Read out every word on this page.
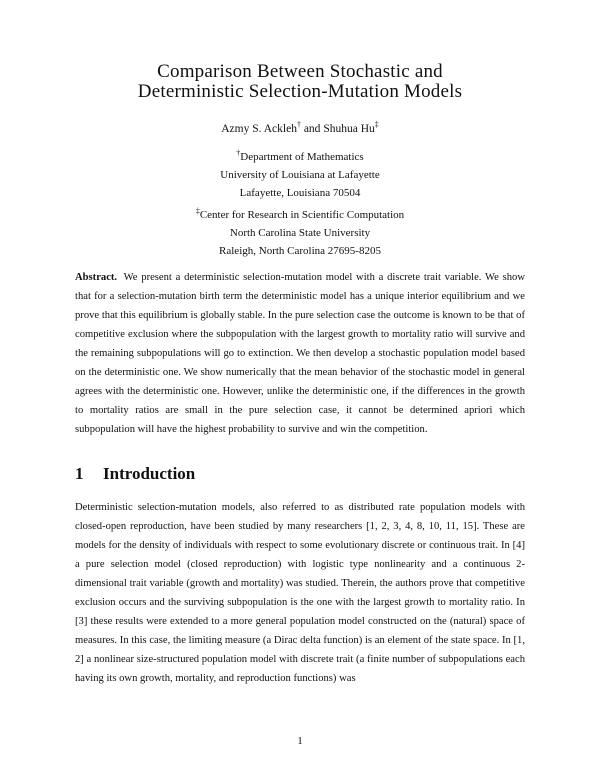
Comparison Between Stochastic and
Deterministic Selection-Mutation Models
Azmy S. Ackleh† and Shuhua Hu‡
†Department of Mathematics
University of Louisiana at Lafayette
Lafayette, Louisiana 70504
‡Center for Research in Scientific Computation
North Carolina State University
Raleigh, North Carolina 27695-8205

Abstract. We present a deterministic selection-mutation model with a discrete trait variable. We show that for a selection-mutation birth term the deterministic model has a unique interior equilibrium and we prove that this equilibrium is globally stable. In the pure selection case the outcome is known to be that of competitive exclusion where the subpopulation with the largest growth to mortality ratio will survive and the remaining subpopulations will go to extinction. We then develop a stochastic population model based on the deterministic one. We show numerically that the mean behavior of the stochastic model in general agrees with the deterministic one. However, unlike the deterministic one, if the differences in the growth to mortality ratios are small in the pure selection case, it cannot be determined apriori which subpopulation will have the highest probability to survive and win the competition.

1 Introduction

Deterministic selection-mutation models, also referred to as distributed rate population models with closed-open reproduction, have been studied by many researchers [1, 2, 3, 4, 8, 10, 11, 15]. These are models for the density of individuals with respect to some evolutionary discrete or continuous trait. In [4] a pure selection model (closed reproduction) with logistic type nonlinearity and a continuous 2-dimensional trait variable (growth and mortality) was studied. Therein, the authors prove that competitive exclusion occurs and the surviving subpopulation is the one with the largest growth to mortality ratio. In [3] these results were extended to a more general population model constructed on the (natural) space of measures. In this case, the limiting measure (a Dirac delta function) is an element of the state space. In [1, 2] a nonlinear size-structured population model with discrete trait (a finite number of subpopulations each having its own growth, mortality, and reproduction functions) was

1
